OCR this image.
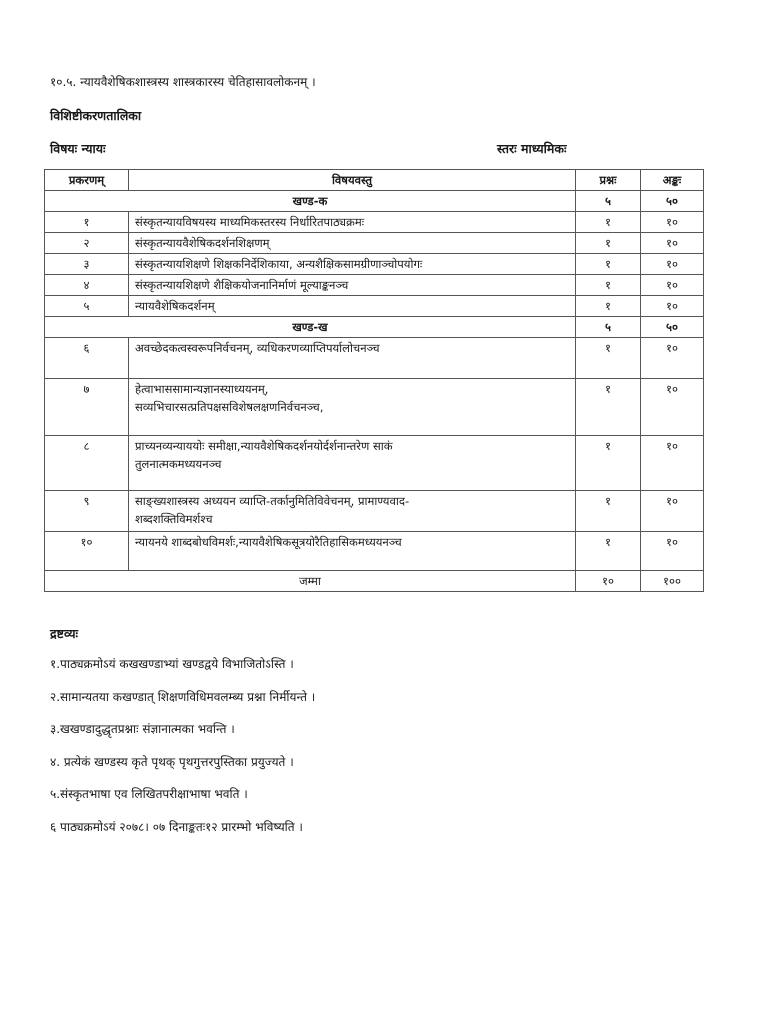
१०.५. न्यायवैशेषिकशास्त्रस्य शास्त्रकारस्य चेतिहासावलोकनम् ।
विशिष्टीकरणतालिका
विषयः न्यायः	स्तरः माध्यमिकः
प्रकरणम्	विषयवस्तु	प्रश्नः	अङ्कः
खण्ड-क		५	५०
१	संस्कृतन्यायविषयस्य माध्यमिकस्तरस्य निर्धारितपाठ्यक्रमः	१	१०
२	संस्कृतन्यायवैशेषिकदर्शनशिक्षणम्	१	१०
३	संस्कृतन्यायशिक्षणे शिक्षकनिर्देशिकाया, अन्यशैक्षिकसामग्रीणाञ्चोपयोगः	१	१०
४	संस्कृतन्यायशिक्षणे शैक्षिकयोजनानिर्माणं मूल्याङ्कनञ्च	१	१०
५	न्यायवैशेषिकदर्शनम्	१	१०
खण्ड-ख		५	५०
६	अवच्छेदकत्वस्वरूपनिर्वचनम्, व्यधिकरणव्याप्तिपर्यालोचनञ्च	१	१०
७	हेत्वाभाससामान्यज्ञानस्याध्ययनम्,
सव्यभिचारसत्प्रतिपक्षसविशेषलक्षणनिर्वचनञ्च,	१	१०
८	प्राच्यनव्यन्याययोः समीक्षा,न्यायवैशेषिकदर्शनयोर्दर्शनान्तरेण साकं
तुलनात्मकमध्ययनञ्च	१	१०
९	साङ्ख्यशास्त्रस्य अध्ययन व्याप्ति-तर्कानुमितिविवेचनम्, प्रामाण्यवाद-
शब्दशक्तिविमर्शश्च	१	१०
१०	न्यायनये शाब्दबोधविमर्शः,न्यायवैशेषिकसूत्रयोरैतिहासिकमध्ययनञ्च	१	१०
जम्मा		१०	१००
द्रष्टव्यः
१.पाठ्यक्रमोऽयं कखखण्डाभ्यां खण्डद्वये विभाजितोऽस्ति ।
२.सामान्यतया कखण्डात् शिक्षणविधिमवलम्ब्य प्रश्ना निर्मीयन्ते ।
३.खखण्डादुद्धृतप्रश्नाः संज्ञानात्मका भवन्ति ।
४. प्रत्येकं खण्डस्य कृते पृथक् पृथगुत्तरपुस्तिका प्रयुज्यते ।
५.संस्कृतभाषा एव लिखितपरीक्षाभाषा भवति ।
६ पाठ्यक्रमोऽयं २०७८। ०७ दिनाङ्कतः१२ प्रारम्भो भविष्यति ।
